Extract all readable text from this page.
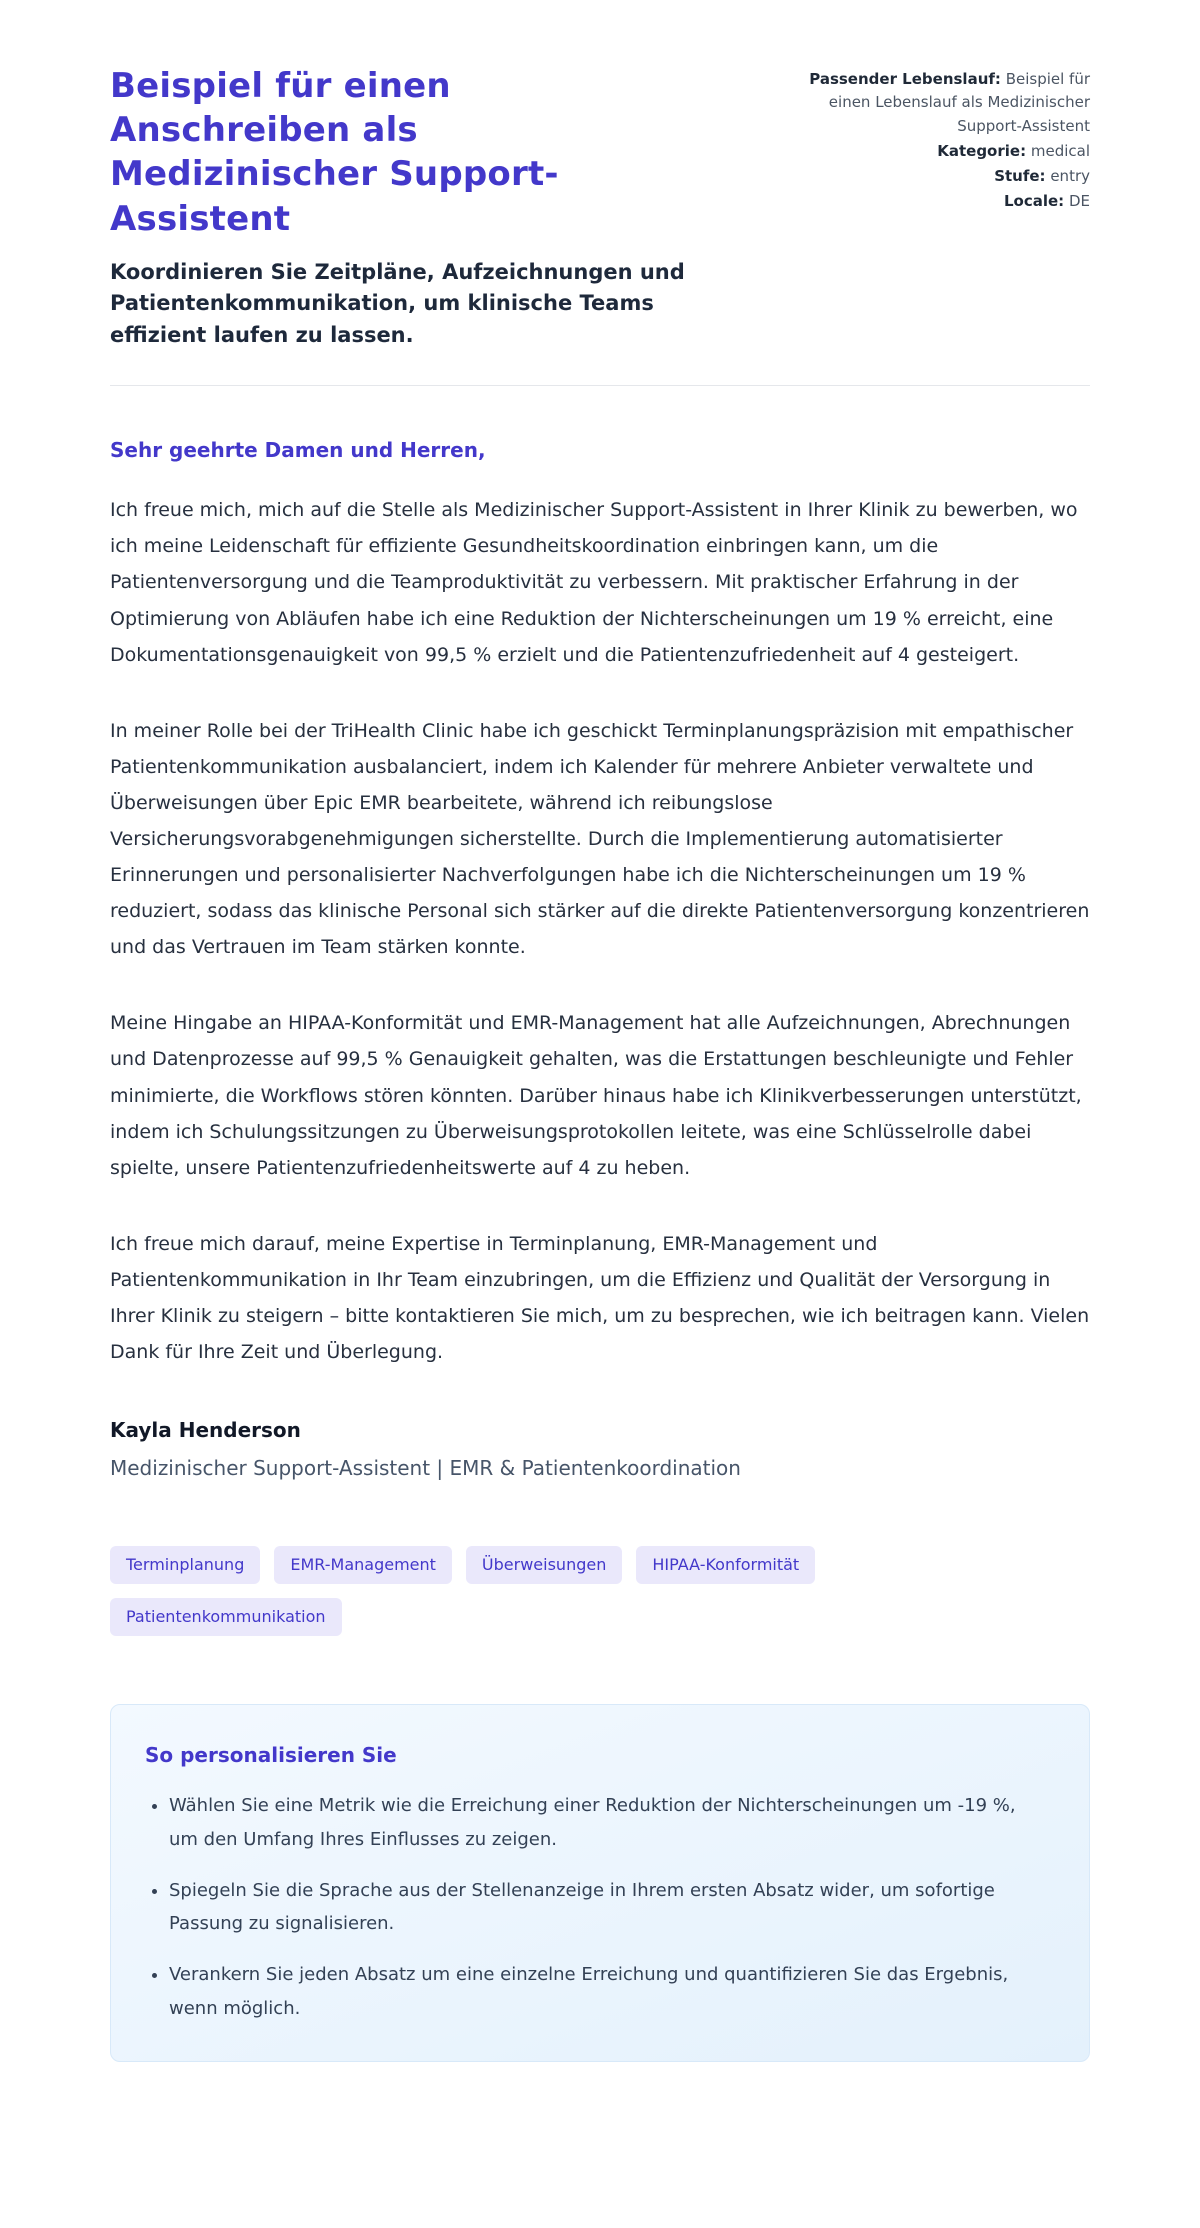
Beispiel für einen Anschreiben als Medizinischer Support-Assistent
Koordinieren Sie Zeitpläne, Aufzeichnungen und Patientenkommunikation, um klinische Teams effizient laufen zu lassen.
Passender Lebenslauf: Beispiel für einen Lebenslauf als Medizinischer Support-Assistent
Kategorie: medical
Stufe: entry
Locale: DE
Sehr geehrte Damen und Herren,

Ich freue mich, mich auf die Stelle als Medizinischer Support-Assistent in Ihrer Klinik zu bewerben, wo ich meine Leidenschaft für effiziente Gesundheitskoordination einbringen kann, um die Patientenversorgung und die Teamproduktivität zu verbessern. Mit praktischer Erfahrung in der Optimierung von Abläufen habe ich eine Reduktion der Nichterscheinungen um 19 % erreicht, eine Dokumentationsgenauigkeit von 99,5 % erzielt und die Patientenzufriedenheit auf 4 gesteigert.

In meiner Rolle bei der TriHealth Clinic habe ich geschickt Terminplanungspräzision mit empathischer Patientenkommunikation ausbalanciert, indem ich Kalender für mehrere Anbieter verwaltete und Überweisungen über Epic EMR bearbeitete, während ich reibungslose Versicherungsvorabgenehmigungen sicherstellte. Durch die Implementierung automatisierter Erinnerungen und personalisierter Nachverfolgungen habe ich die Nichterscheinungen um 19 % reduziert, sodass das klinische Personal sich stärker auf die direkte Patientenversorgung konzentrieren und das Vertrauen im Team stärken konnte.

Meine Hingabe an HIPAA-Konformität und EMR-Management hat alle Aufzeichnungen, Abrechnungen und Datenprozesse auf 99,5 % Genauigkeit gehalten, was die Erstattungen beschleunigte und Fehler minimierte, die Workflows stören könnten. Darüber hinaus habe ich Klinikverbesserungen unterstützt, indem ich Schulungssitzungen zu Überweisungsprotokollen leitete, was eine Schlüsselrolle dabei spielte, unsere Patientenzufriedenheitswerte auf 4 zu heben.

Ich freue mich darauf, meine Expertise in Terminplanung, EMR-Management und Patientenkommunikation in Ihr Team einzubringen, um die Effizienz und Qualität der Versorgung in Ihrer Klinik zu steigern – bitte kontaktieren Sie mich, um zu besprechen, wie ich beitragen kann. Vielen Dank für Ihre Zeit und Überlegung.

Kayla Henderson
Medizinischer Support-Assistent | EMR & Patientenkoordination
Terminplanung	EMR-Management	Überweisungen	HIPAA-Konformität
Patientenkommunikation
So personalisieren Sie
• Wählen Sie eine Metrik wie die Erreichung einer Reduktion der Nichterscheinungen um -19 %, um den Umfang Ihres Einflusses zu zeigen.
• Spiegeln Sie die Sprache aus der Stellenanzeige in Ihrem ersten Absatz wider, um sofortige Passung zu signalisieren.
• Verankern Sie jeden Absatz um eine einzelne Erreichung und quantifizieren Sie das Ergebnis, wenn möglich.
